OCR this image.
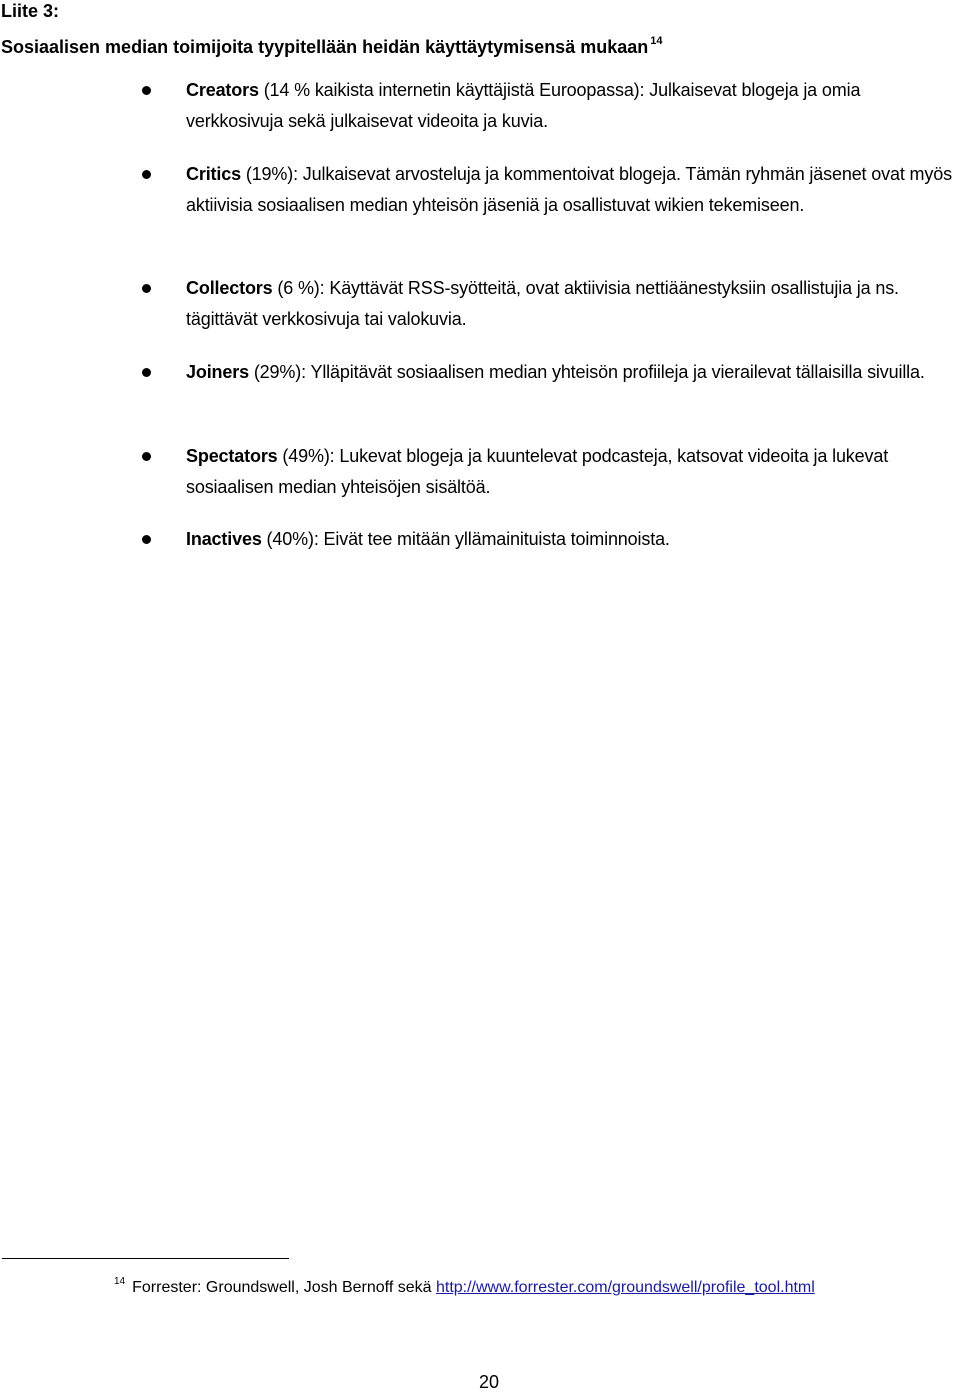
Liite 3:
Sosiaalisen median toimijoita tyypitellään heidän käyttäytymisensä mukaan $^{14}$
Creators (14 % kaikista internetin käyttäjistä Euroopassa): Julkaisevat blogeja ja omia verkkosivuja sekä julkaisevat videoita ja kuvia.
Critics (19%): Julkaisevat arvosteluja ja kommentoivat blogeja. Tämän ryhmän jäsenet ovat myös aktiivisia sosiaalisen median yhteisön jäseniä ja osallistuvat wikien tekemiseen.
Collectors (6 %): Käyttävät RSS-syötteitä, ovat aktiivisia nettiäänestyksiin osallistujia ja ns. tägittävät verkkosivuja tai valokuvia.
Joiners (29%): Ylläpitävät sosiaalisen median yhteisön profiileja ja vierailevat tällaisilla sivuilla.
Spectators (49%): Lukevat blogeja ja kuuntelevat podcasteja, katsovat videoita ja lukevat sosiaalisen median yhteisöjen sisältöä.
Inactives (40%): Eivät tee mitään yllämainituista toiminnoista.
$^{14}$ Forrester: Groundswell, Josh Bernoff sekä http://www.forrester.com/groundswell/profile_tool.html
20
